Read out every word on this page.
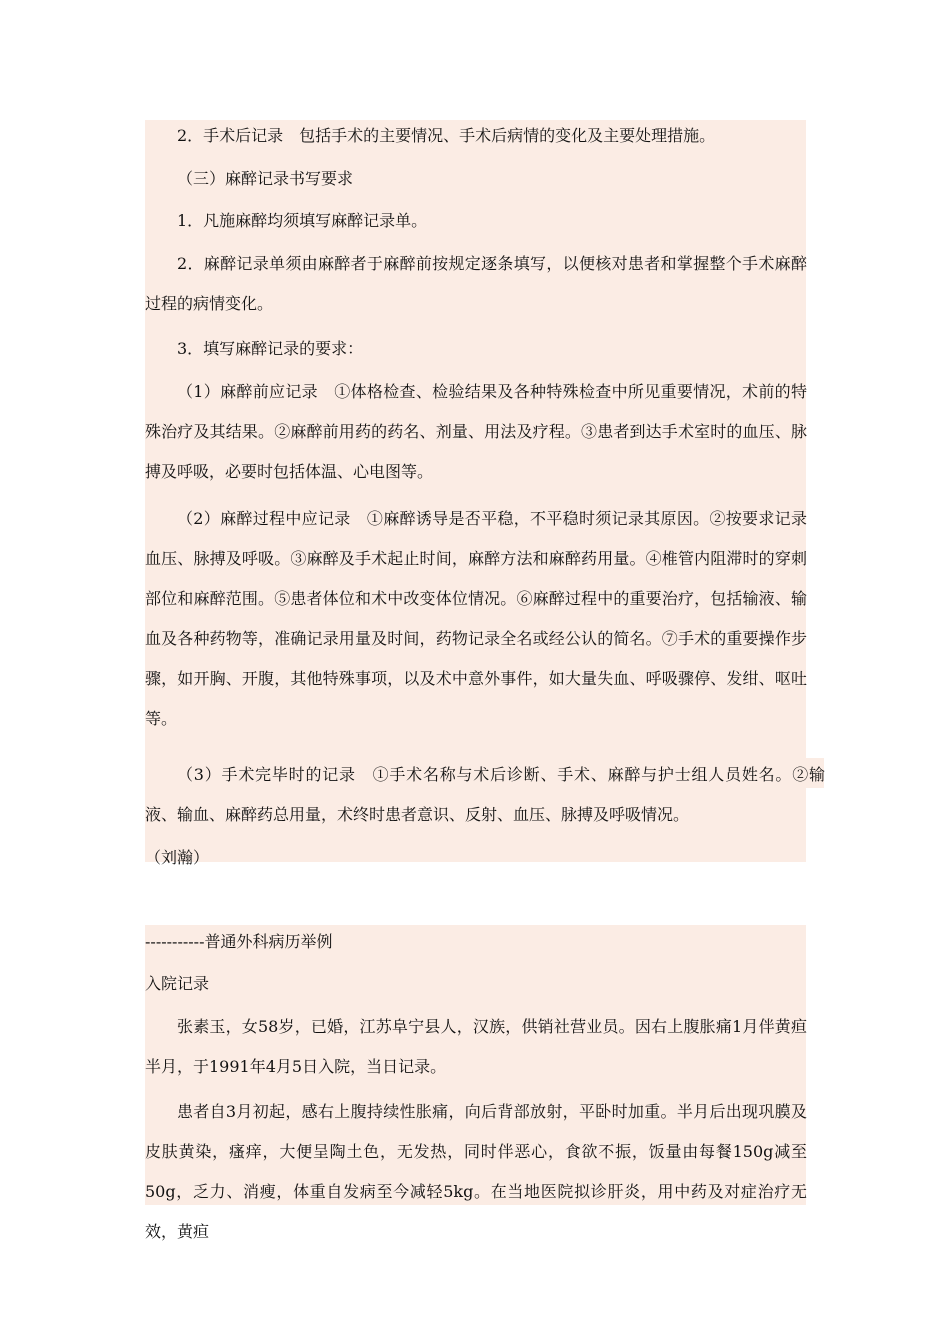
2．手术后记录　包括手术的主要情况、手术后病情的变化及主要处理措施。
（三）麻醉记录书写要求
1．凡施麻醉均须填写麻醉记录单。
2．麻醉记录单须由麻醉者于麻醉前按规定逐条填写，以便核对患者和掌握整个手术麻醉过程的病情变化。
3．填写麻醉记录的要求：
（1）麻醉前应记录　①体格检查、检验结果及各种特殊检查中所见重要情况，术前的特殊治疗及其结果。②麻醉前用药的药名、剂量、用法及疗程。③患者到达手术室时的血压、脉搏及呼吸，必要时包括体温、心电图等。
（2）麻醉过程中应记录　①麻醉诱导是否平稳，不平稳时须记录其原因。②按要求记录血压、脉搏及呼吸。③麻醉及手术起止时间，麻醉方法和麻醉药用量。④椎管内阻滞时的穿刺部位和麻醉范围。⑤患者体位和术中改变体位情况。⑥麻醉过程中的重要治疗，包括输液、输血及各种药物等，准确记录用量及时间，药物记录全名或经公认的简名。⑦手术的重要操作步骤，如开胸、开腹，其他特殊事项，以及术中意外事件，如大量失血、呼吸骤停、发绀、呕吐等。
（3）手术完毕时的记录　①手术名称与术后诊断、手术、麻醉与护士组人员姓名。②输液、输血、麻醉药总用量，术终时患者意识、反射、血压、脉搏及呼吸情况。
（刘瀚）
-----------普通外科病历举例
入院记录
张素玉，女58岁，已婚，江苏阜宁县人，汉族，供销社营业员。因右上腹胀痛1月伴黄疸半月，于1991年4月5日入院，当日记录。
患者自3月初起，感右上腹持续性胀痛，向后背部放射，平卧时加重。半月后出现巩膜及皮肤黄染，瘙痒，大便呈陶土色，无发热，同时伴恶心，食欲不振，饭量由每餐150g减至50g，乏力、消瘦，体重自发病至今减轻5kg。在当地医院拟诊肝炎，用中药及对症治疗无效，黄疸
